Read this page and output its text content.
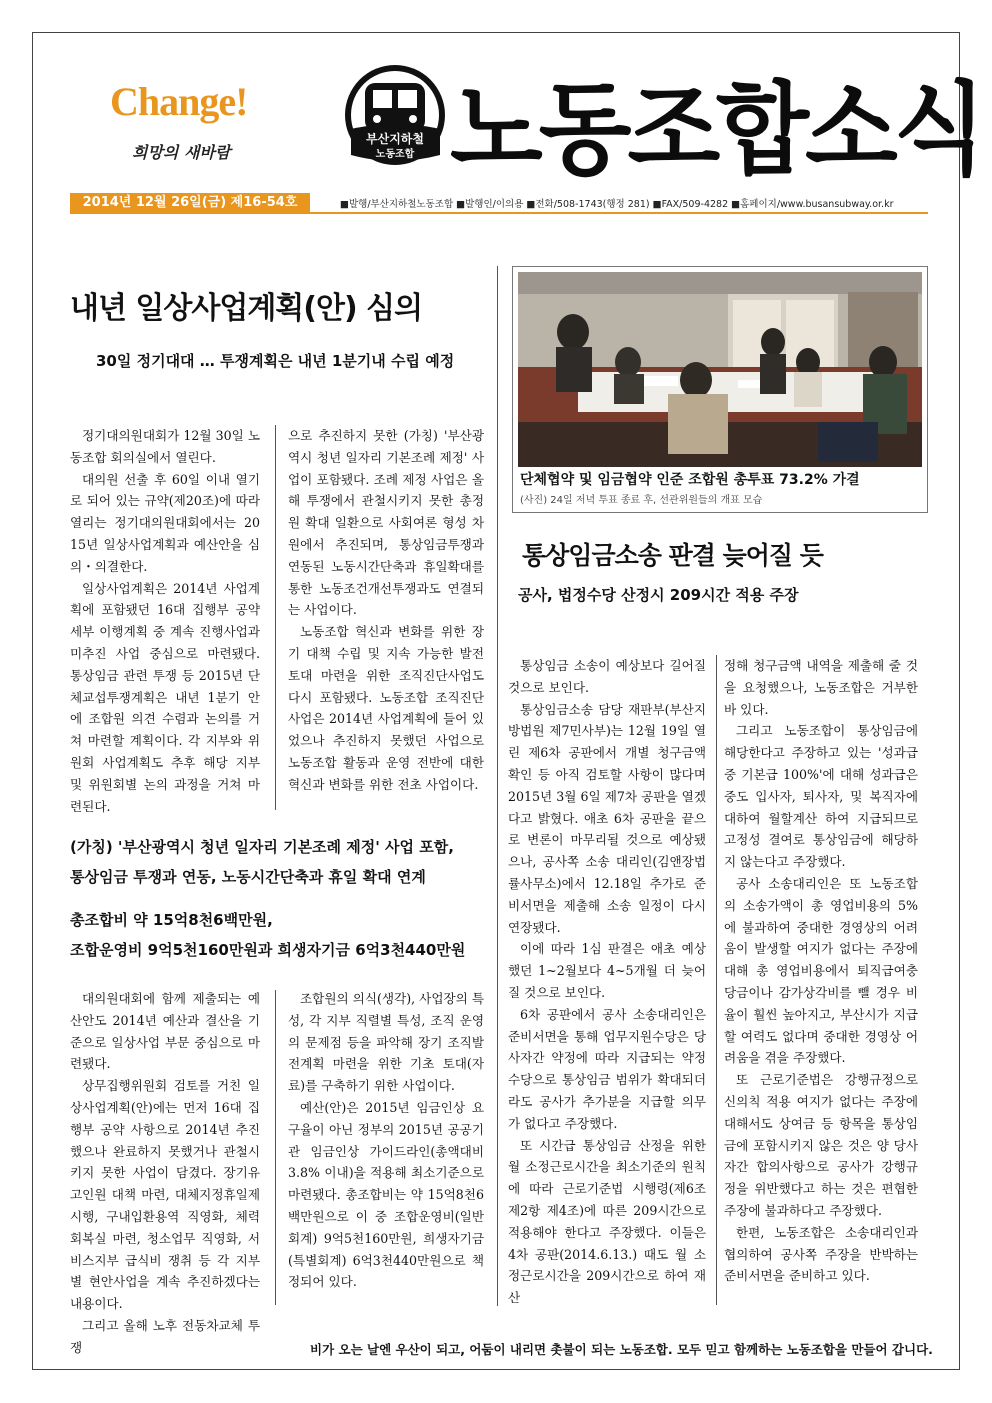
Change!
희망의 새바람
부산지하철
노동조합 노동조합소식
2014년 12월 26일(금) 제16-54호	■발행/부산지하철노동조합 ■발행인/이의용 ■전화/508-1743(행정 281) ■FAX/509-4282 ■홈페이지/www.busansubway.or.kr
내년 일상사업계획(안) 심의
30일 정기대대 … 투쟁계획은 내년 1분기내 수립 예정

정기대의원대회가 12월 30일 노동조합 회의실에서 열린다.

대의원 선출 후 60일 이내 열기로 되어 있는 규약(제20조)에 따라 열리는 정기대의원대회에서는 2015년 일상사업계획과 예산안을 심의・의결한다.

일상사업계획은 2014년 사업계획에 포함됐던 16대 집행부 공약 세부 이행계획 중 계속 진행사업과 미추진 사업 중심으로 마련됐다. 통상임금 관련 투쟁 등 2015년 단체교섭투쟁계획은 내년 1분기 안에 조합원 의견 수렴과 논의를 거쳐 마련할 계획이다. 각 지부와 위원회 사업계획도 추후 해당 지부 및 위원회별 논의 과정을 거쳐 마련된다.

으로 추진하지 못한 (가칭) '부산광역시 청년 일자리 기본조례 제정' 사업이 포함됐다. 조례 제정 사업은 올해 투쟁에서 관철시키지 못한 총정원 확대 일환으로 사회여론 형성 차원에서 추진되며, 통상임금투쟁과 연동된 노동시간단축과 휴일확대를 통한 노동조건개선투쟁과도 연결되는 사업이다.

노동조합 혁신과 변화를 위한 장기 대책 수립 및 지속 가능한 발전 토대 마련을 위한 조직진단사업도 다시 포함됐다. 노동조합 조직진단사업은 2014년 사업계획에 들어 있었으나 추진하지 못했던 사업으로 노동조합 활동과 운영 전반에 대한 혁신과 변화를 위한 전초 사업이다.

(가칭) '부산광역시 청년 일자리 기본조례 제정' 사업 포함,
통상임금 투쟁과 연동, 노동시간단축과 휴일 확대 연계
총조합비 약 15억8천6백만원,
조합운영비 9억5천160만원과 희생자기금 6억3천440만원

대의원대회에 함께 제출되는 예산안도 2014년 예산과 결산을 기준으로 일상사업 부문 중심으로 마련됐다.

상무집행위원회 검토를 거친 일상사업계획(안)에는 먼저 16대 집행부 공약 사항으로 2014년 추진했으나 완료하지 못했거나 관철시키지 못한 사업이 담겼다. 장기유고인원 대책 마련, 대체지정휴일제 시행, 구내입환용역 직영화, 체력회복실 마련, 청소업무 직영화, 서비스지부 급식비 쟁취 등 각 지부별 현안사업을 계속 추진하겠다는 내용이다.

그리고 올해 노후 전동차교체 투쟁

조합원의 의식(생각), 사업장의 특성, 각 지부 직렬별 특성, 조직 운영의 문제점 등을 파악해 장기 조직발전계획 마련을 위한 기초 토대(자료)를 구축하기 위한 사업이다.

예산(안)은 2015년 임금인상 요구율이 아닌 정부의 2015년 공공기관 임금인상 가이드라인(총액대비 3.8% 이내)을 적용해 최소기준으로 마련됐다. 총조합비는 약 15억8천6백만원으로 이 중 조합운영비(일반회계) 9억5천160만원, 희생자기금(특별회계) 6억3천440만원으로 책정되어 있다.

단체협약 및 임금협약 인준 조합원 총투표 73.2% 가결
(사진) 24일 저녁 투표 종료 후, 선관위원들의 개표 모습
통상임금소송 판결 늦어질 듯
공사, 법정수당 산정시 209시간 적용 주장

통상임금 소송이 예상보다 길어질 것으로 보인다.

통상임금소송 담당 재판부(부산지방법원 제7민사부)는 12월 19일 열린 제6차 공판에서 개별 청구금액 확인 등 아직 검토할 사항이 많다며 2015년 3월 6일 제7차 공판을 열겠다고 밝혔다. 애초 6차 공판을 끝으로 변론이 마무리될 것으로 예상됐으나, 공사쪽 소송 대리인(김앤장법률사무소)에서 12.18일 추가로 준비서면을 제출해 소송 일정이 다시 연장됐다.

이에 따라 1심 판결은 애초 예상했던 1~2월보다 4~5개월 더 늦어질 것으로 보인다.

6차 공판에서 공사 소송대리인은 준비서면을 통해 업무지원수당은 당사자간 약정에 따라 지급되는 약정수당으로 통상임금 범위가 확대되더라도 공사가 추가분을 지급할 의무가 없다고 주장했다.

또 시간급 통상임금 산정을 위한 월 소정근로시간을 최소기준의 원칙에 따라 근로기준법 시행령(제6조 제2항 제4조)에 따른 209시간으로 적용해야 한다고 주장했다. 이들은 4차 공판(2014.6.13.) 때도 월 소정근로시간을 209시간으로 하여 재산

정해 청구금액 내역을 제출해 줄 것을 요청했으나, 노동조합은 거부한 바 있다.

그리고 노동조합이 통상임금에 해당한다고 주장하고 있는 '성과급 중 기본급 100%'에 대해 성과급은 중도 입사자, 퇴사자, 및 복직자에 대하여 월할계산 하여 지급되므로 고정성 결여로 통상임금에 해당하지 않는다고 주장했다.

공사 소송대리인은 또 노동조합의 소송가액이 총 영업비용의 5%에 불과하여 중대한 경영상의 어려움이 발생할 여지가 없다는 주장에 대해 총 영업비용에서 퇴직급여충당금이나 감가상각비를 뺄 경우 비율이 훨씬 높아지고, 부산시가 지급할 여력도 없다며 중대한 경영상 어려움을 겪을 주장했다.

또 근로기준법은 강행규정으로 신의칙 적용 여지가 없다는 주장에 대해서도 상여금 등 항목을 통상임금에 포함시키지 않은 것은 양 당사자간 합의사항으로 공사가 강행규정을 위반했다고 하는 것은 편협한 주장에 불과하다고 주장했다.

한편, 노동조합은 소송대리인과 협의하여 공사쪽 주장을 반박하는 준비서면을 준비하고 있다.

비가 오는 날엔 우산이 되고, 어둠이 내리면 촛불이 되는 노동조합. 모두 믿고 함께하는 노동조합을 만들어 갑니다.
